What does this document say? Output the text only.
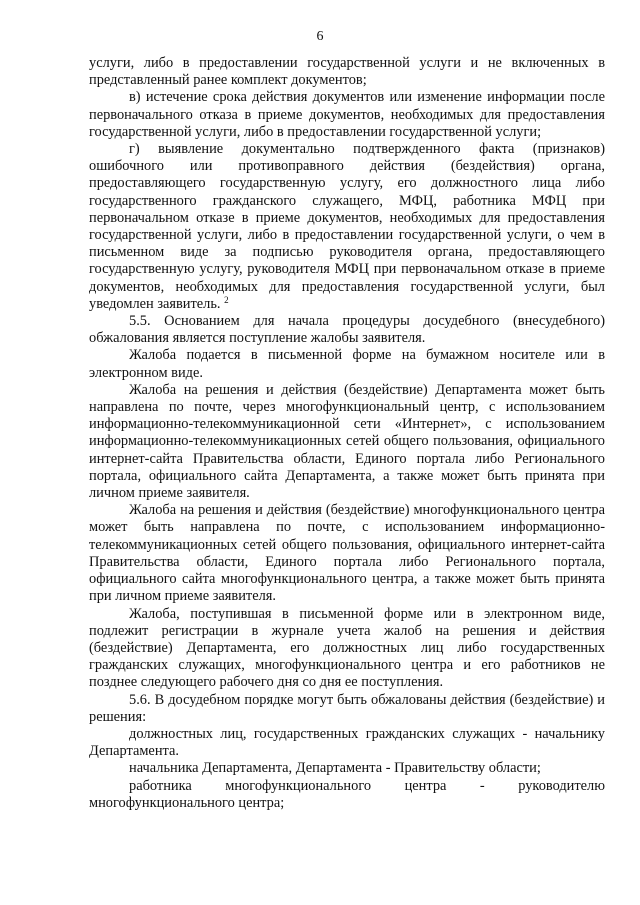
6

услуги, либо в предоставлении государственной услуги и не включенных в представленный ранее комплект документов;

в) истечение срока действия документов или изменение информации после первоначального отказа в приеме документов, необходимых для предоставления государственной услуги, либо в предоставлении государственной услуги;

г) выявление документально подтвержденного факта (признаков) ошибочного или противоправного действия (бездействия) органа, предоставляющего государственную услугу, его должностного лица либо государственного гражданского служащего, МФЦ, работника МФЦ при первоначальном отказе в приеме документов, необходимых для предоставления государственной услуги, либо в предоставлении государственной услуги, о чем в письменном виде за подписью руководителя органа, предоставляющего государственную услугу, руководителя МФЦ при первоначальном отказе в приеме документов, необходимых для предоставления государственной услуги, был уведомлен заявитель. $^2$

5.5. Основанием для начала процедуры досудебного (внесудебного) обжалования является поступление жалобы заявителя.

Жалоба подается в письменной форме на бумажном носителе или в электронном виде.

Жалоба на решения и действия (бездействие) Департамента может быть направлена по почте, через многофункциональный центр, с использованием информационно-телекоммуникационной сети «Интернет», с использованием информационно-телекоммуникационных сетей общего пользования, официального интернет-сайта Правительства области, Единого портала либо Регионального портала, официального сайта Департамента, а также может быть принята при личном приеме заявителя.

Жалоба на решения и действия (бездействие) многофункционального центра может быть направлена по почте, с использованием информационно-телекоммуникационных сетей общего пользования, официального интернет-сайта Правительства области, Единого портала либо Регионального портала, официального сайта многофункционального центра, а также может быть принята при личном приеме заявителя.

Жалоба, поступившая в письменной форме или в электронном виде, подлежит регистрации в журнале учета жалоб на решения и действия (бездействие) Департамента, его должностных лиц либо государственных гражданских служащих, многофункционального центра и его работников не позднее следующего рабочего дня со дня ее поступления.

5.6. В досудебном порядке могут быть обжалованы действия (бездействие) и решения:

должностных лиц, государственных гражданских служащих - начальнику Департамента.

начальника Департамента, Департамента - Правительству области;

работника многофункционального центра - руководителю многофункционального центра;
